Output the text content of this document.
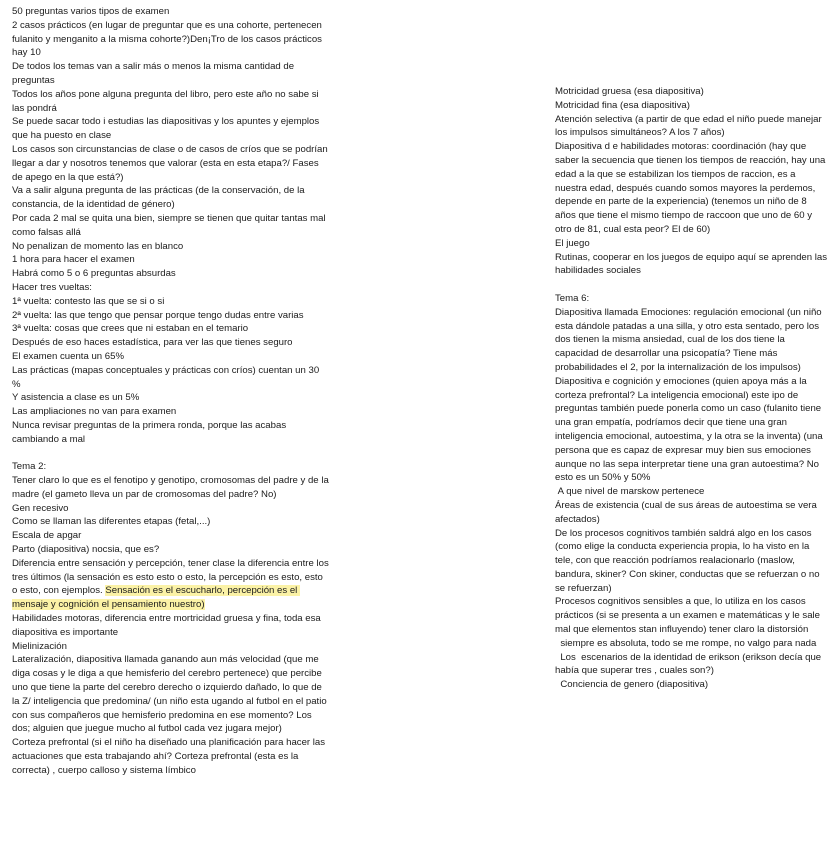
50 preguntas varios tipos de examen
2 casos prácticos (en lugar de preguntar que es una cohorte, pertenecen fulanito y menganito a la misma cohorte?)Den¡Tro de los casos prácticos hay 10
De todos los temas van a salir más o menos la misma cantidad de preguntas
Todos los años pone alguna pregunta del libro, pero este año no sabe si las pondrá
Se puede sacar todo i estudias las diapositivas y los apuntes y ejemplos que ha puesto en clase
Los casos son circunstancias de clase o de casos de críos que se podrían llegar a dar y nosotros tenemos que valorar (esta en esta etapa?/ Fases de apego en la que está?)
Va a salir alguna pregunta de las prácticas (de la conservación, de la constancia, de la identidad de género)
Por cada 2 mal se quita una bien, siempre se tienen que quitar tantas mal como falsas allá
No penalizan de momento las en blanco
1 hora para hacer el examen
Habrá como 5 o 6 preguntas absurdas
Hacer tres vueltas:
1ª vuelta: contesto las que se si o si
2ª vuelta: las que tengo que pensar porque tengo dudas entre varias
3ª vuelta: cosas que crees que ni estaban en el temario
Después de eso haces estadística, para ver las que tienes seguro
El examen cuenta un 65%
Las prácticas (mapas conceptuales y prácticas con críos) cuentan un 30 %
Y asistencia a clase es un 5%
Las ampliaciones no van para examen
Nunca revisar preguntas de la primera ronda, porque las acabas cambiando a mal
Tema 2:
Tener claro lo que es el fenotipo y genotipo, cromosomas del padre y de la madre (el gameto lleva un par de cromosomas del padre? No)
Gen recesivo
Como se llaman las diferentes etapas (fetal,...)
Escala de apgar
Parto (diapositiva) nocsia, que es?
Diferencia entre sensación y percepción, tener clase la diferencia entre los tres últimos (la sensación es esto esto o esto, la percepción es esto, esto o esto, con ejemplos. Sensación es el escucharlo, percepción es el mensaje y cognición el pensamiento nuestro)
Habilidades motoras, diferencia entre mortricidad gruesa y fina, toda esa diapositiva es importante
Mielinización
Lateralización, diapositiva llamada ganando aun más velocidad (que me diga cosas y le diga a que hemisferio del cerebro pertenece) que percibe uno que tiene la parte del cerebro derecho o izquierdo dañado, lo que de la Z/ inteligencia que predomina/ (un niño esta ugando al futbol en el patio con sus compañeros que hemisferio predomina en ese momento? Los dos; alguien que juegue mucho al futbol cada vez jugara mejor)
Corteza prefrontal (si el niño ha diseñado una planificación para hacer las actuaciones que esta trabajando ahí? Corteza prefrontal (esta es la correcta) , cuerpo calloso y sistema límbico
Motricidad gruesa (esa diapositiva)
Motricidad fina (esa diapositiva)
Atención selectiva (a partir de que edad el niño puede manejar los impulsos simultáneos? A los 7 años)
Diapositiva d e habilidades motoras: coordinación (hay que saber la secuencia que tienen los tiempos de reacción, hay una edad a la que se estabilizan los tiempos de raccion, es a nuestra edad, después cuando somos mayores la perdemos, depende en parte de la experiencia) (tenemos un niño de 8 años que tiene el mismo tiempo de raccoon que uno de 60 y otro de 81, cual esta peor? El de 60)
El juego
Rutinas, cooperar en los juegos de equipo aquí se aprenden las habilidades sociales
Tema 6:
Diapositiva llamada Emociones: regulación emocional (un niño esta dándole patadas a una silla, y otro esta sentado, pero los dos tienen la misma ansiedad, cual de los dos tiene la capacidad de desarrollar una psicopatía? Tiene más probabilidades el 2, por la internalización de los impulsos)
Diapositiva e cognición y emociones (quien apoya más a la corteza prefrontal? La inteligencia emocional) este ipo de preguntas también puede ponerla como un caso (fulanito tiene una gran empatía, podríamos decir que tiene una gran inteligencia emocional, autoestima, y la otra se la inventa) (una persona que es capaz de expresar muy bien sus emociones aunque no las sepa interpretar tiene una gran autoestima? No esto es un 50% y 50%
A que nivel de marskow pertenece
Áreas de existencia (cual de sus áreas de autoestima se vera afectados)
De los procesos cognitivos también saldrá algo en los casos (como elige la conducta experiencia propia, lo ha visto en la tele, con que reacción podríamos realacionarlo (maslow, bandura, skiner? Con skiner, conductas que se refuerzan o no se refuerzan)
Procesos cognitivos sensibles a que, lo utiliza en los casos prácticos (si se presenta a un examen e matemáticas y le sale mal que elementos stan influyendo) tener claro la distorsión
siempre es absoluta, todo se me rompe, no valgo para nada
Los  escenarios de la identidad de erikson (erikson decía que  había que superar tres , cuales son?)
Conciencia de genero (diapositiva)
